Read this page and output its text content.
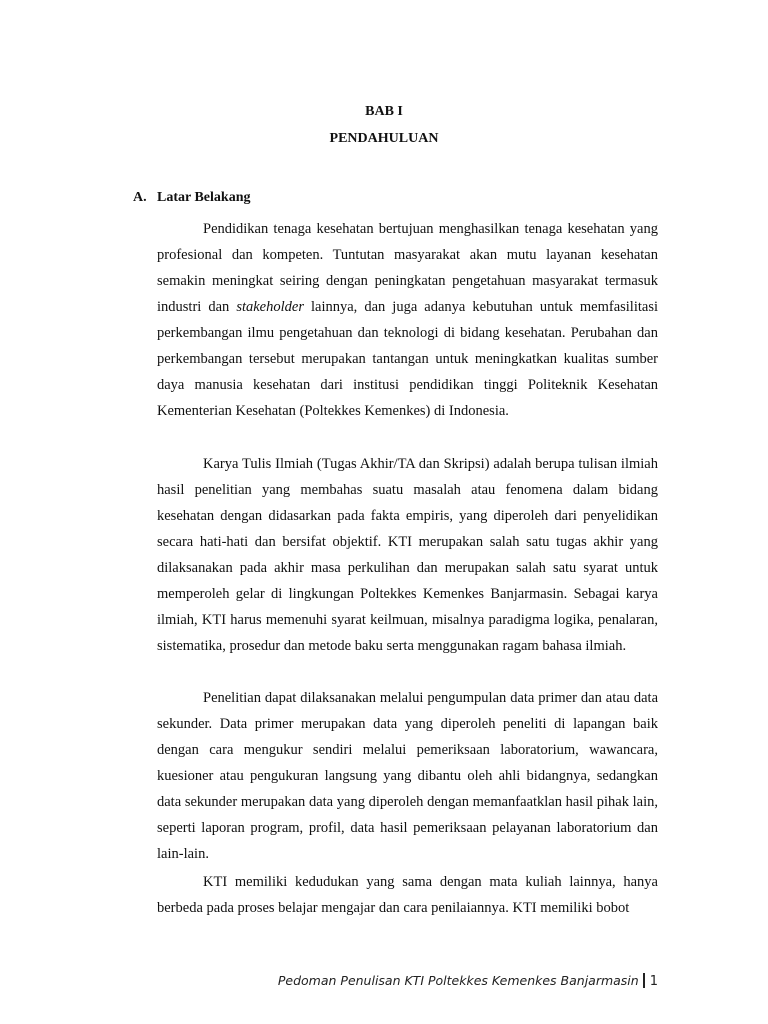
BAB I
PENDAHULUAN
A. Latar Belakang

Pendidikan tenaga kesehatan bertujuan menghasilkan tenaga kesehatan yang profesional dan kompeten. Tuntutan masyarakat akan mutu layanan kesehatan semakin meningkat seiring dengan peningkatan pengetahuan masyarakat termasuk industri dan stakeholder lainnya, dan juga adanya kebutuhan untuk memfasilitasi perkembangan ilmu pengetahuan dan teknologi di bidang kesehatan. Perubahan dan perkembangan tersebut merupakan tantangan untuk meningkatkan kualitas sumber daya manusia kesehatan dari institusi pendidikan tinggi Politeknik Kesehatan Kementerian Kesehatan (Poltekkes Kemenkes) di Indonesia.

Karya Tulis Ilmiah (Tugas Akhir/TA dan Skripsi) adalah berupa tulisan ilmiah hasil penelitian yang membahas suatu masalah atau fenomena dalam bidang kesehatan dengan didasarkan pada fakta empiris, yang diperoleh dari penyelidikan secara hati-hati dan bersifat objektif. KTI merupakan salah satu tugas akhir yang dilaksanakan pada akhir masa perkulihan dan merupakan salah satu syarat untuk memperoleh gelar di lingkungan Poltekkes Kemenkes Banjarmasin. Sebagai karya ilmiah, KTI harus memenuhi syarat keilmuan, misalnya paradigma logika, penalaran, sistematika, prosedur dan metode baku serta menggunakan ragam bahasa ilmiah.

Penelitian dapat dilaksanakan melalui pengumpulan data primer dan atau data sekunder. Data primer merupakan data yang diperoleh peneliti di lapangan baik dengan cara mengukur sendiri melalui pemeriksaan laboratorium, wawancara, kuesioner atau pengukuran langsung yang dibantu oleh ahli bidangnya, sedangkan data sekunder merupakan data yang diperoleh dengan memanfaatklan hasil pihak lain, seperti laporan program, profil, data hasil pemeriksaan pelayanan laboratorium dan lain-lain.

KTI memiliki kedudukan yang sama dengan mata kuliah lainnya, hanya berbeda pada proses belajar mengajar dan cara penilaiannya. KTI memiliki bobot

Pedoman Penulisan KTI Poltekkes Kemenkes Banjarmasin 1
